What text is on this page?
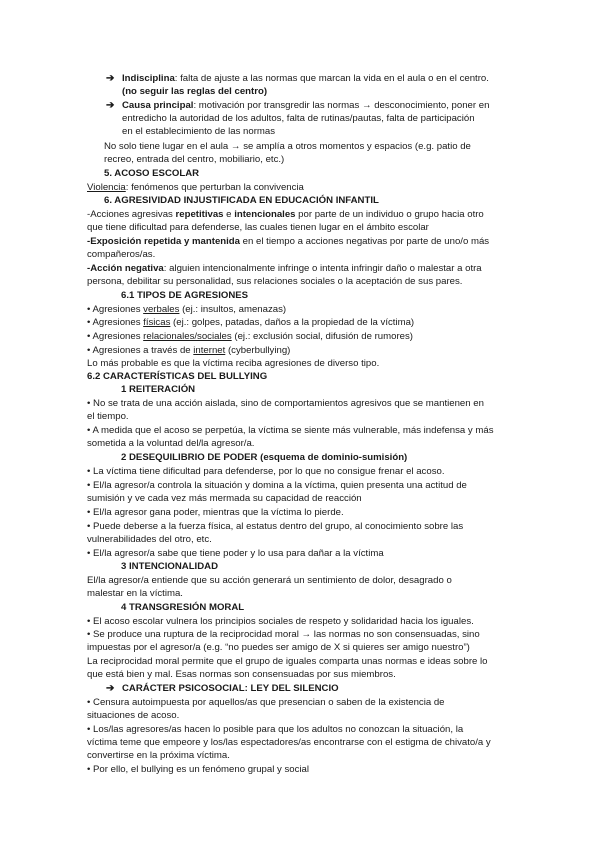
➔ Indisciplina: falta de ajuste a las normas que marcan la vida en el aula o en el centro.
(no seguir las reglas del centro)
➔ Causa principal: motivación por transgredir las normas → desconocimiento, poner en
entredicho la autoridad de los adultos, falta de rutinas/pautas, falta de participación
en el establecimiento de las normas
No solo tiene lugar en el aula → se amplía a otros momentos y espacios (e.g. patio de
recreo, entrada del centro, mobiliario, etc.)
5. ACOSO ESCOLAR
Violencia: fenómenos que perturban la convivencia
6. AGRESIVIDAD INJUSTIFICADA EN EDUCACIÓN INFANTIL
-Acciones agresivas repetitivas e intencionales por parte de un individuo o grupo hacia otro
que tiene dificultad para defenderse, las cuales tienen lugar en el ámbito escolar
-Exposición repetida y mantenida en el tiempo a acciones negativas por parte de uno/o más
compañeros/as.
-Acción negativa: alguien intencionalmente infringe o intenta infringir daño o malestar a otra
persona, debilitar su personalidad, sus relaciones sociales o la aceptación de sus pares.
6.1 TIPOS DE AGRESIONES
• Agresiones verbales (ej.: insultos, amenazas)
• Agresiones físicas (ej.: golpes, patadas, daños a la propiedad de la víctima)
• Agresiones relacionales/sociales (ej.: exclusión social, difusión de rumores)
• Agresiones a través de internet (cyberbullying)
Lo más probable es que la víctima reciba agresiones de diverso tipo.
6.2 CARACTERÍSTICAS DEL BULLYING
1 REITERACIÓN
• No se trata de una acción aislada, sino de comportamientos agresivos que se mantienen en
el tiempo.
• A medida que el acoso se perpetúa, la víctima se siente más vulnerable, más indefensa y más
sometida a la voluntad del/la agresor/a.
2 DESEQUILIBRIO DE PODER (esquema de dominio-sumisión)
• La víctima tiene dificultad para defenderse, por lo que no consigue frenar el acoso.
• El/la agresor/a controla la situación y domina a la víctima, quien presenta una actitud de
sumisión y ve cada vez más mermada su capacidad de reacción
• El/la agresor gana poder, mientras que la víctima lo pierde.
• Puede deberse a la fuerza física, al estatus dentro del grupo, al conocimiento sobre las
vulnerabilidades del otro, etc.
• El/la agresor/a sabe que tiene poder y lo usa para dañar a la víctima
3 INTENCIONALIDAD
El/la agresor/a entiende que su acción generará un sentimiento de dolor, desagrado o
malestar en la víctima.
4 TRANSGRESIÓN MORAL
• El acoso escolar vulnera los principios sociales de respeto y solidaridad hacia los iguales.
• Se produce una ruptura de la reciprocidad moral → las normas no son consensuadas, sino
impuestas por el agresor/a (e.g. “no puedes ser amigo de X si quieres ser amigo nuestro”)
La reciprocidad moral permite que el grupo de iguales comparta unas normas e ideas sobre lo
que está bien y mal. Esas normas son consensuadas por sus miembros.
➔ CARÁCTER PSICOSOCIAL: LEY DEL SILENCIO
• Censura autoimpuesta por aquellos/as que presencian o saben de la existencia de
situaciones de acoso.
• Los/las agresores/as hacen lo posible para que los adultos no conozcan la situación, la
víctima teme que empeore y los/las espectadores/as encontrarse con el estigma de chivato/a y
convertirse en la próxima víctima.
• Por ello, el bullying es un fenómeno grupal y social
